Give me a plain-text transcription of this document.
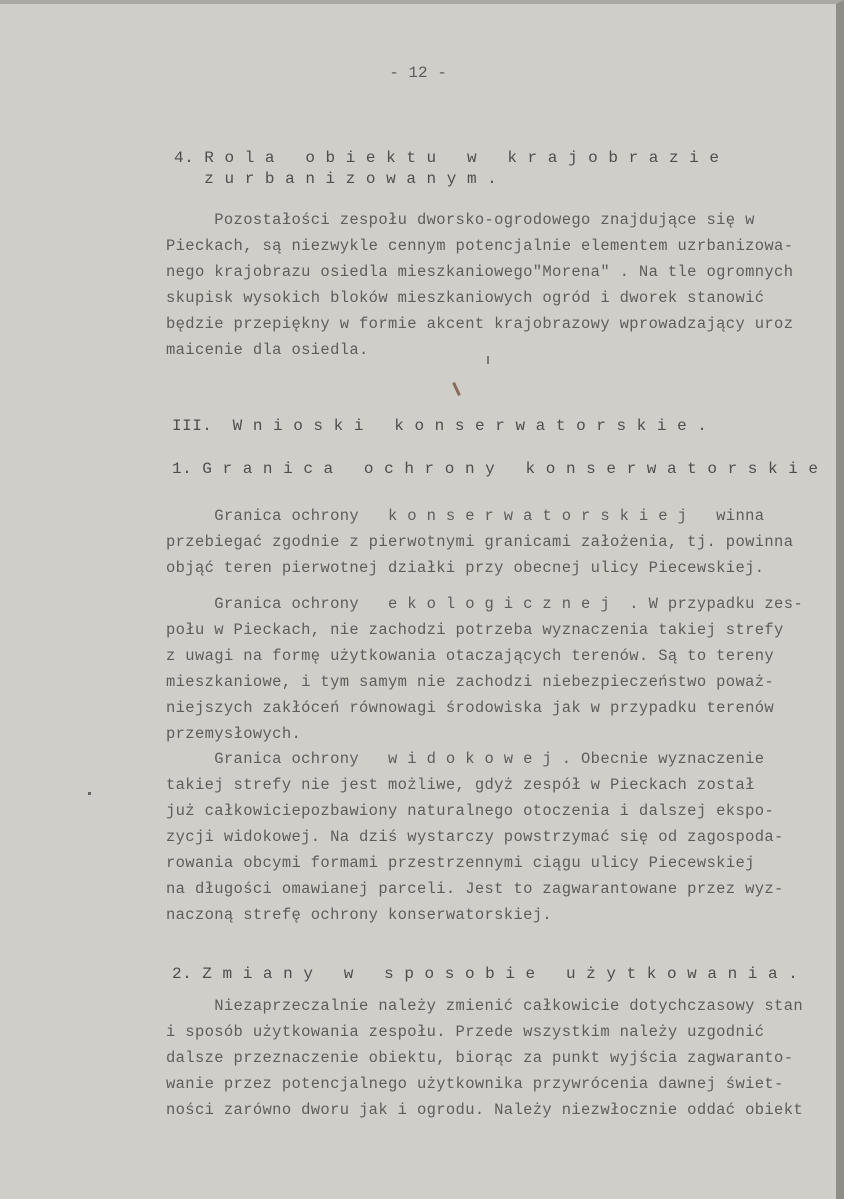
- 12 -
4. R o l a   o b i e k t u   w   k r a j o b r a z i e
z u r b a n i z o w a n y m .
Pozostałości zespołu dworsko-ogrodowego znajdujące się w
Pieckach, są niezwykle cennym potencjalnie elementem uzrbanizowa-
nego krajobrazu osiedla mieszkaniowego"Morena" . Na tle ogromnych
skupisk wysokich bloków mieszkaniowych ogród i dworek stanowić
będzie przepiękny w formie akcent krajobrazowy wprowadzający uroz
maicenie dla osiedla.
III.  W n i o s k i   k o n s e r w a t o r s k i e .
1. G r a n i c a   o c h r o n y   k o n s e r w a t o r s k i e
Granica ochrony   k o n s e r w a t o r s k i e j   winna
przebiegać zgodnie z pierwotnymi granicami założenia, tj. powinna
objąć teren pierwotnej działki przy obecnej ulicy Piecewskiej.
Granica ochrony   e k o l o g i c z n e j  . W przypadku zes-
połu w Pieckach, nie zachodzi potrzeba wyznaczenia takiej strefy
z uwagi na formę użytkowania otaczających terenów. Są to tereny
mieszkaniowe, i tym samym nie zachodzi niebezpieczeństwo poważ-
niejszych zakłóceń równowagi środowiska jak w przypadku terenów
przemysłowych.
Granica ochrony   w i d o k o w e j . Obecnie wyznaczenie
takiej strefy nie jest możliwe, gdyż zespół w Pieckach został
już całkowiciepozbawiony naturalnego otoczenia i dalszej ekspo-
zycji widokowej. Na dziś wystarczy powstrzymać się od zagospoda-
rowania obcymi formami przestrzennymi ciągu ulicy Piecewskiej
na długości omawianej parceli. Jest to zagwarantowane przez wyz-
naczoną strefę ochrony konserwatorskiej.
2. Z m i a n y   w   s p o s o b i e   u ż y t k o w a n i a .
Niezaprzeczalnie należy zmienić całkowicie dotychczasowy stan
i sposób użytkowania zespołu. Przede wszystkim należy uzgodnić
dalsze przeznaczenie obiektu, biorąc za punkt wyjścia zagwaranto-
wanie przez potencjalnego użytkownika przywrócenia dawnej świet-
ności zarówno dworu jak i ogrodu. Należy niezwłocznie oddać obiekt
